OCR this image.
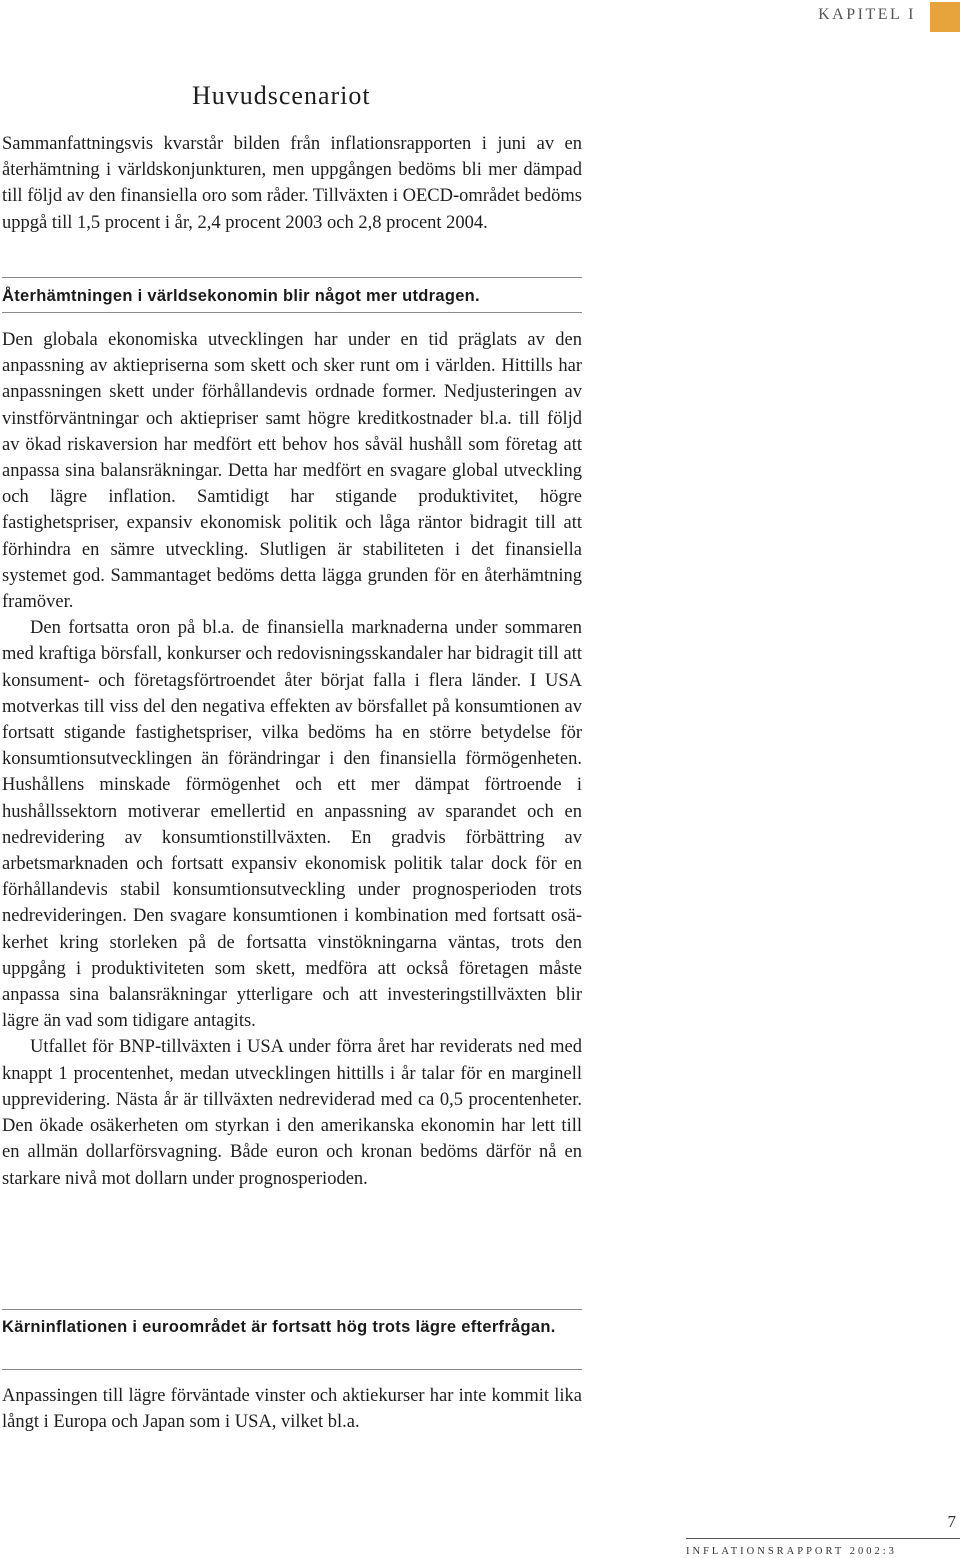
KAPITEL I
Huvudscenariot

Sammanfattningsvis kvarstår bilden från inflationsrapporten i juni av en återhämtning i världskonjunkturen, men uppgången bedöms bli mer dämpad till följd av den finansiella oro som råder. Tillväxten i OECD-området bedöms uppgå till 1,5 procent i år, 2,4 procent 2003 och 2,8 procent 2004.

Återhämtningen i världsekonomin blir något mer utdragen.

Den globala ekonomiska utvecklingen har under en tid präglats av den anpassning av aktiepriserna som skett och sker runt om i världen. Hittills har anpassningen skett under förhållandevis ordnade former. Nedjusteringen av vinstförväntningar och aktiepriser samt högre kreditkostnader bl.a. till följd av ökad riskaversion har medfört ett behov hos såväl hushåll som företag att anpassa sina balansräkningar. Detta har medfört en svagare global utveckling och lägre inflation. Samtidigt har stigande produktivitet, högre fastighetspriser, expansiv ekonomisk politik och låga räntor bidragit till att förhindra en sämre utveckling. Slutligen är stabiliteten i det finansiella systemet god. Sammantaget bedöms detta lägga grunden för en återhämtning framöver.

Den fortsatta oron på bl.a. de finansiella marknaderna under sommaren med kraftiga börsfall, konkurser och redovisningsskandaler har bidragit till att konsument- och företagsförtroendet åter börjat falla i flera länder. I USA motverkas till viss del den negativa effekten av börsfallet på konsumtionen av fortsatt stigande fastighetspriser, vilka bedöms ha en större betydelse för konsumtionsutvecklingen än förändringar i den finansiella förmögenheten. Hushållens minskade förmögenhet och ett mer dämpat förtroende i hushållssektorn motiverar emellertid en anpassning av sparandet och en nedrevidering av konsumtionstillväxten. En gradvis förbättring av arbetsmarknaden och fortsatt expansiv ekonomisk politik talar dock för en förhållandevis stabil konsumtionsutveckling under prognosperioden trots nedrevideringen. Den svagare konsumtionen i kombination med fortsatt osäkerhet kring storleken på de fortsatta vinstökningarna väntas, trots den uppgång i produktiviteten som skett, medföra att också företagen måste anpassa sina balansräkningar ytterligare och att investeringstillväxten blir lägre än vad som tidigare antagits.

Utfallet för BNP-tillväxten i USA under förra året har reviderats ned med knappt 1 procentenhet, medan utvecklingen hittills i år talar för en marginell upprevidering. Nästa år är tillväxten nedreviderad med ca 0,5 procentenheter. Den ökade osäkerheten om styrkan i den amerikanska ekonomin har lett till en allmän dollarförsvagning. Både euron och kronan bedöms därför nå en starkare nivå mot dollarn under prognosperioden.

Kärninflationen i euroområdet är fortsatt hög trots lägre efterfrågan.

Anpassingen till lägre förväntade vinster och aktiekurser har inte kommit lika långt i Europa och Japan som i USA, vilket bl.a.

7
INFLATIONSRAPPORT 2002:3
